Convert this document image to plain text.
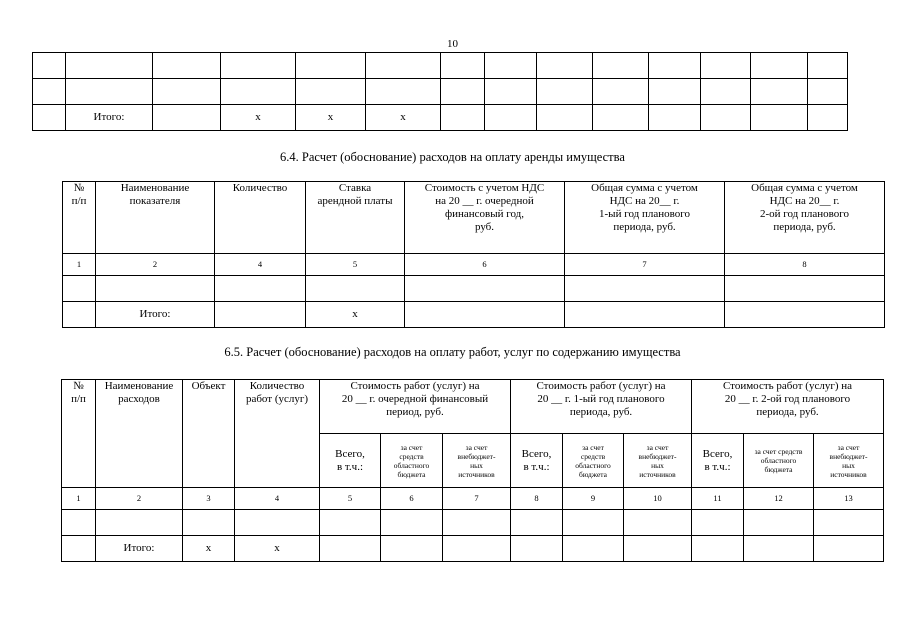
10

	Итого:		х	х	х								
6.4. Расчет (обоснование) расходов на оплату аренды имущества
№
п/п	Наименование
показателя	Количество	Ставка
арендной платы	Стоимость с учетом НДС
на 20 __ г. очередной
финансовый год,
руб.	Общая сумма с учетом
НДС на 20__ г.
1-ый год планового
периода, руб.	Общая сумма с учетом
НДС на 20__ г.
2-ой год планового
периода, руб.
1	2	4	5	6	7	8

	Итого:		х			
6.5. Расчет (обоснование) расходов на оплату работ, услуг по содержанию имущества
№
п/п	Наименование
расходов	Объект	Количество
работ (услуг)	Стоимость работ (услуг) на
20 __ г. очередной финансовый
период, руб.			Стоимость работ (услуг) на
20 __ г. 1-ый год планового
периода, руб.			Стоимость работ (услуг) на
20 __ г. 2-ой год планового
периода, руб.		
				Всего,
в т.ч.:	за счет
средств
областного
бюджета	за счет
внебюджет-
ных
источников	Всего,
в т.ч.:	за счет
средств
областного
бюджета	за счет
внебюджет-
ных
источников	Всего,
в т.ч.:	за счет средств
областного
бюджета	за счет
внебюджет-
ных
источников
1	2	3	4	5	6	7	8	9	10	11	12	13

	Итого:	х	х									
